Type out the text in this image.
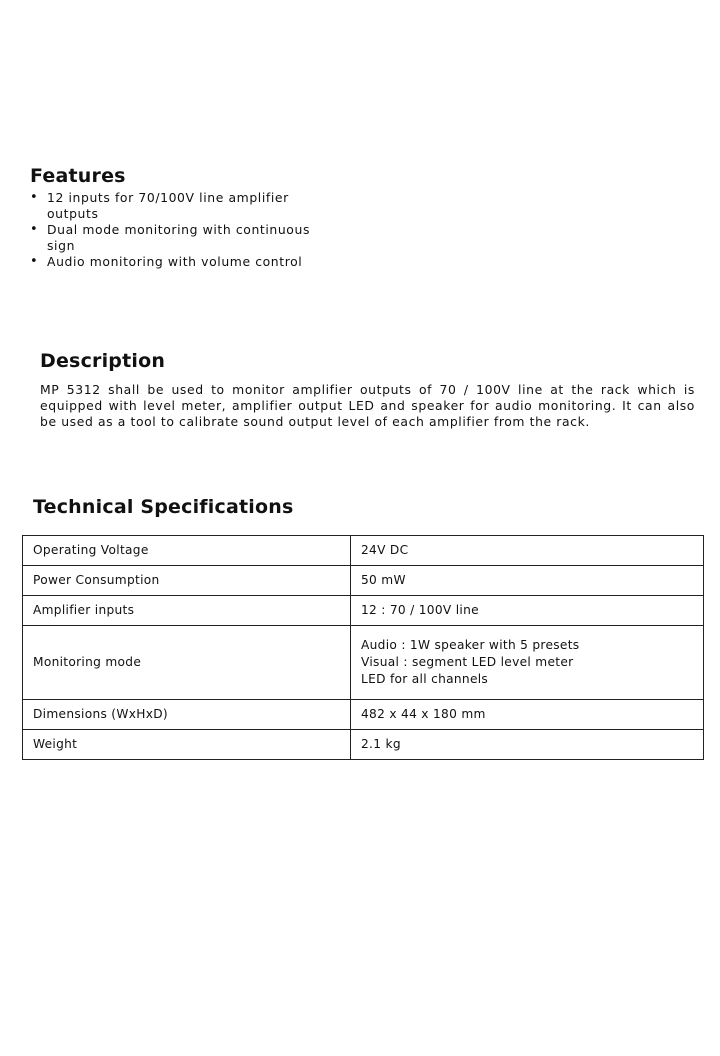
Features
• 12 inputs for 70/100V line amplifier outputs
• Dual mode monitoring with continuous sign
• Audio monitoring with volume control
Description

MP 5312 shall be used to monitor amplifier outputs of 70 / 100V line at the rack which is equipped with level meter, amplifier output LED and speaker for audio monitoring. It can also be used as a tool to calibrate sound output level of each amplifier from the rack.

Technical Specifications
Operating Voltage	24V DC

Power Consumption	50 mW

Amplifier inputs	12 : 70 / 100V line

Monitoring mode	Audio : 1W speaker with 5 presets
Visual : segment LED level meter
LED for all channels

Dimensions (WxHxD)	482 x 44 x 180 mm

Weight	2.1 kg
